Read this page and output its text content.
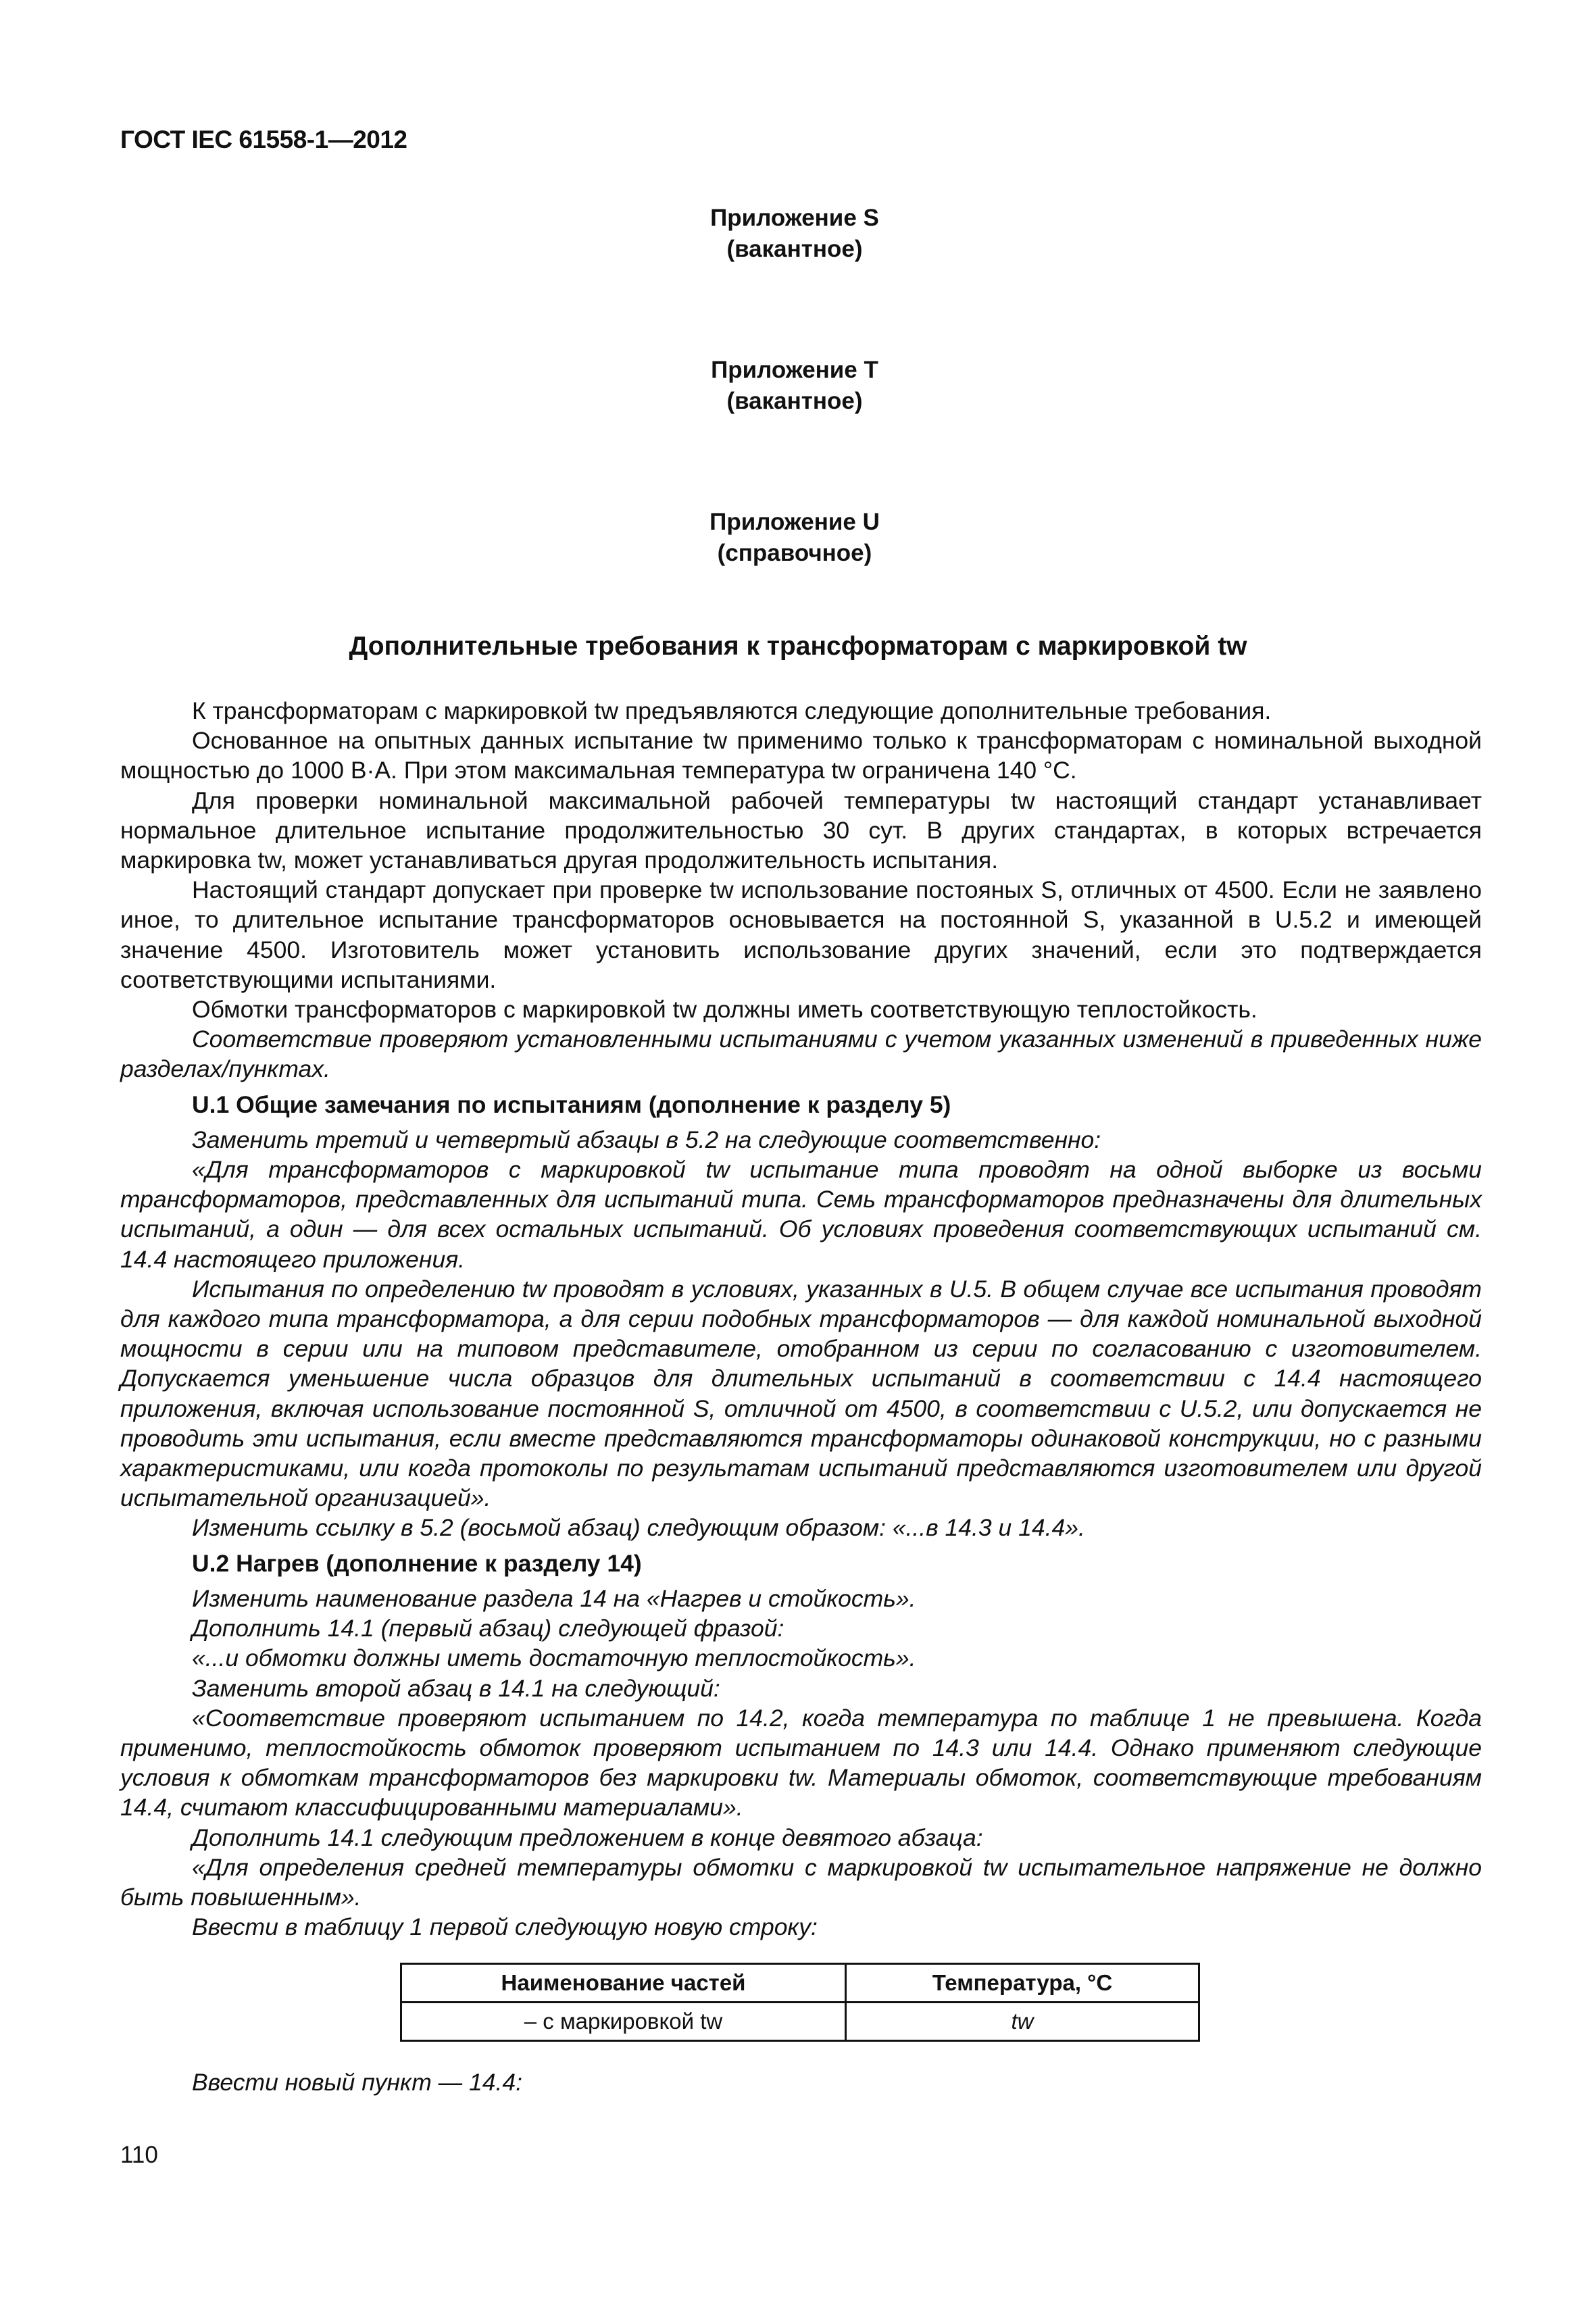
ГОСТ IEC 61558-1—2012
Приложение S
(вакантное)
Приложение T
(вакантное)
Приложение U
(справочное)
Дополнительные требования к трансформаторам с маркировкой tw

К трансформаторам с маркировкой tw предъявляются следующие дополнительные требования.

Основанное на опытных данных испытание tw применимо только к трансформаторам с номинальной выходной мощностью до 1000 В·А. При этом максимальная температура tw ограничена 140 °C.

Для проверки номинальной максимальной рабочей температуры tw настоящий стандарт устанавливает нормальное длительное испытание продолжительностью 30 сут. В других стандартах, в которых встречается маркировка tw, может устанавливаться другая продолжительность испытания.

Настоящий стандарт допускает при проверке tw использование постояных S, отличных от 4500. Если не заявлено иное, то длительное испытание трансформаторов основывается на постоянной S, указанной в U.5.2 и имеющей значение 4500. Изготовитель может установить использование других значений, если это подтверждается соответствующими испытаниями.

Обмотки трансформаторов с маркировкой tw должны иметь соответствующую теплостойкость.

Соответствие проверяют установленными испытаниями с учетом указанных изменений в приведенных ниже разделах/пунктах.

U.1 Общие замечания по испытаниям (дополнение к разделу 5)

Заменить третий и четвертый абзацы в 5.2 на следующие соответственно:

«Для трансформаторов с маркировкой tw испытание типа проводят на одной выборке из восьми трансформаторов, представленных для испытаний типа. Семь трансформаторов предназначены для длительных испытаний, а один — для всех остальных испытаний. Об условиях проведения соответствующих испытаний см. 14.4 настоящего приложения.

Испытания по определению tw проводят в условиях, указанных в U.5. В общем случае все испытания проводят для каждого типа трансформатора, а для серии подобных трансформаторов — для каждой номинальной выходной мощности в серии или на типовом представителе, отобранном из серии по согласованию с изготовителем. Допускается уменьшение числа образцов для длительных испытаний в соответствии с 14.4 настоящего приложения, включая использование постоянной S, отличной от 4500, в соответствии с U.5.2, или допускается не проводить эти испытания, если вместе представляются трансформаторы одинаковой конструкции, но с разными характеристиками, или когда протоколы по результатам испытаний представляются изготовителем или другой испытательной организацией».

Изменить ссылку в 5.2 (восьмой абзац) следующим образом: «...в 14.3 и 14.4».

U.2 Нагрев (дополнение к разделу 14)

Изменить наименование раздела 14 на «Нагрев и стойкость».

Дополнить 14.1 (первый абзац) следующей фразой:

«...и обмотки должны иметь достаточную теплостойкость».

Заменить второй абзац в 14.1 на следующий:

«Соответствие проверяют испытанием по 14.2, когда температура по таблице 1 не превышена. Когда применимо, теплостойкость обмоток проверяют испытанием по 14.3 или 14.4. Однако применяют следующие условия к обмоткам трансформаторов без маркировки tw. Материалы обмоток, соответствующие требованиям 14.4, считают классифицированными материалами».

Дополнить 14.1 следующим предложением в конце девятого абзаца:

«Для определения средней температуры обмотки с маркировкой tw испытательное напряжение не должно быть повышенным».

Ввести в таблицу 1 первой следующую новую строку:

Наименование частей	Температура, °С
– с маркировкой tw	tw
Ввести новый пункт — 14.4:
110
